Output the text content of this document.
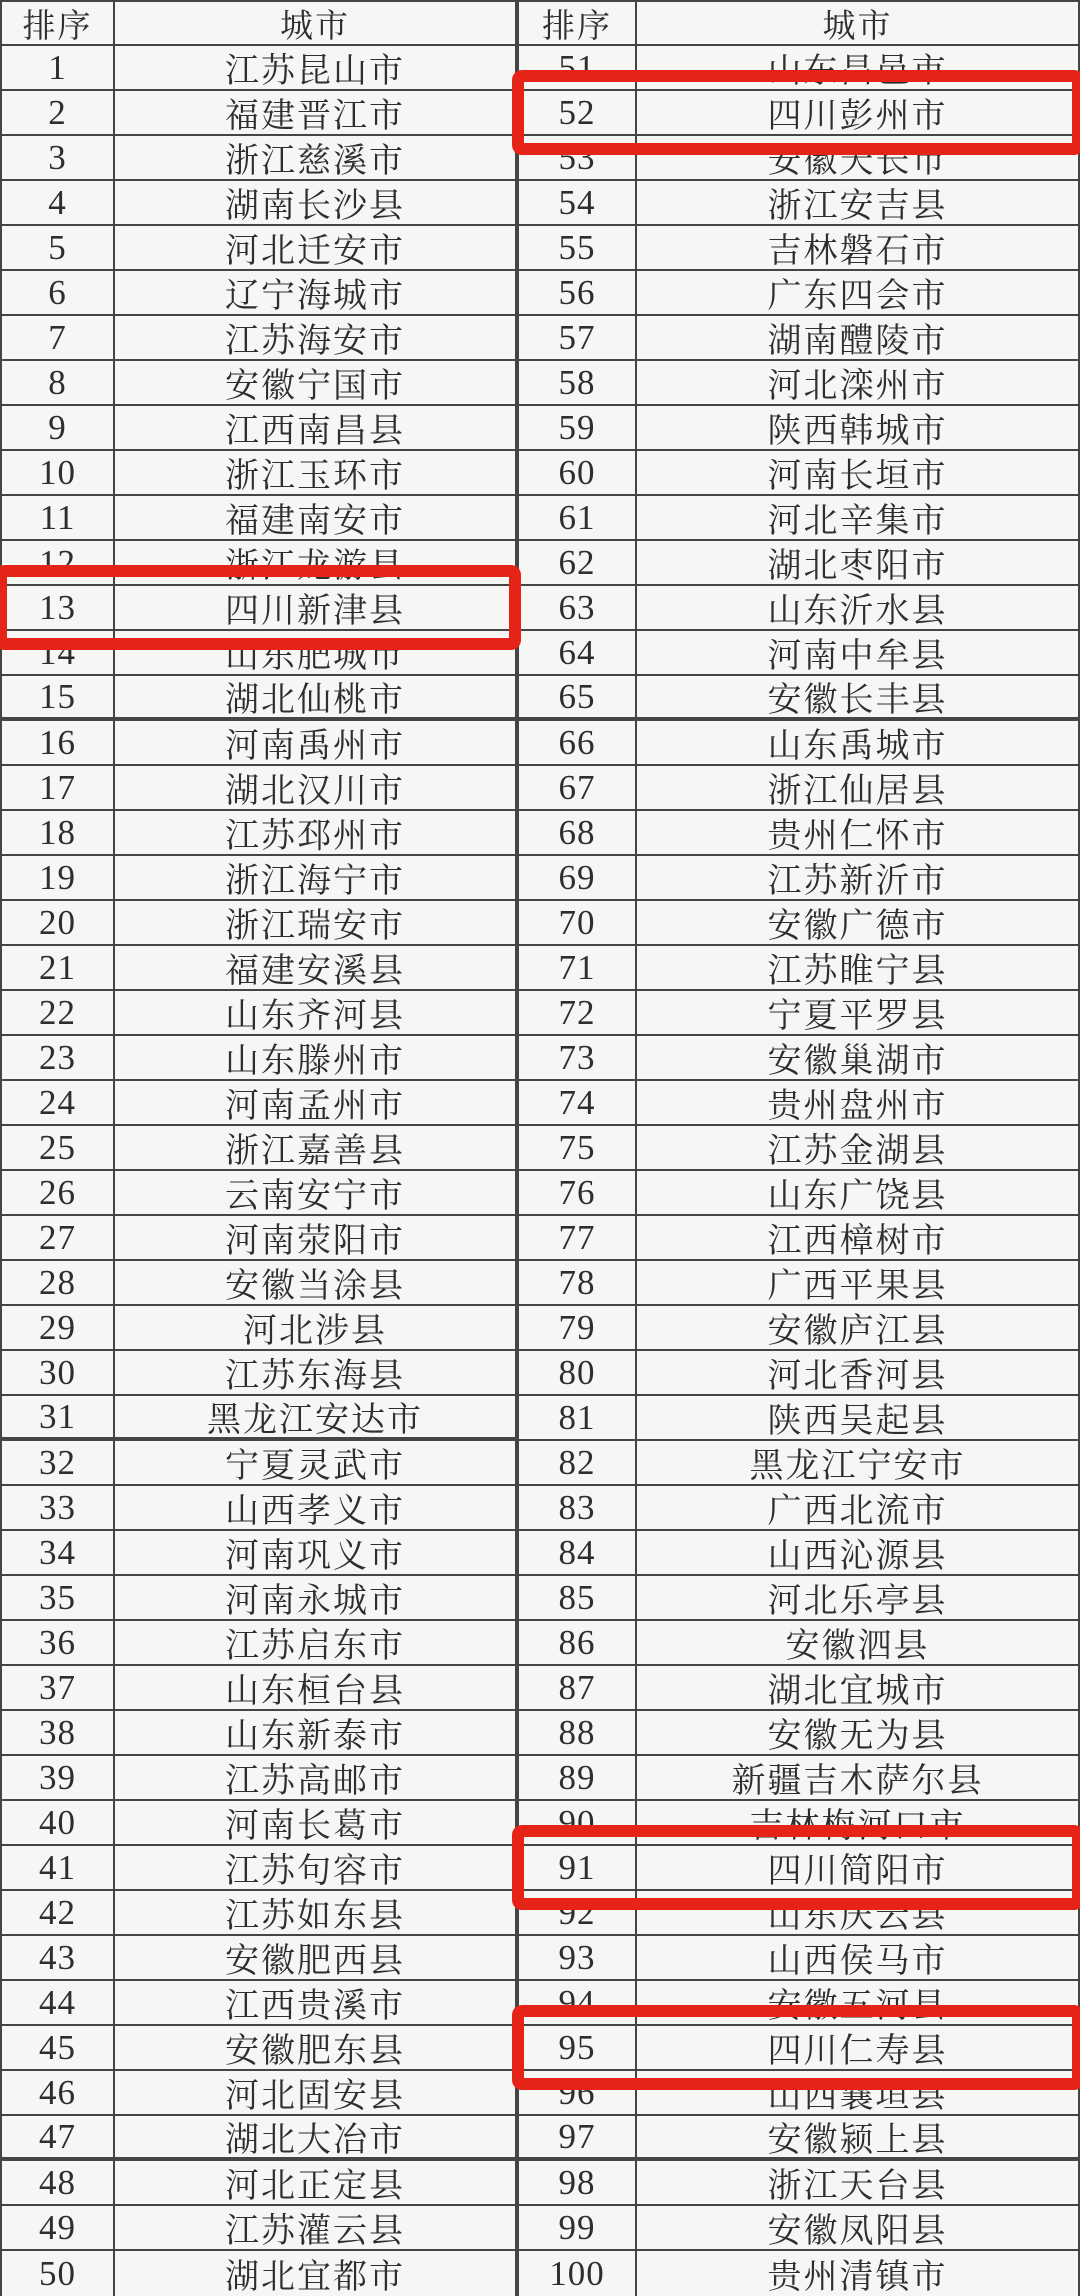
排序	城市
1	江苏昆山市
2	福建晋江市
3	浙江慈溪市
4	湖南长沙县
5	河北迁安市
6	辽宁海城市
7	江苏海安市
8	安徽宁国市
9	江西南昌县
10	浙江玉环市
11	福建南安市
12	浙江龙游县
13	四川新津县
14	山东肥城市
15	湖北仙桃市
16	河南禹州市
17	湖北汉川市
18	江苏邳州市
19	浙江海宁市
20	浙江瑞安市
21	福建安溪县
22	山东齐河县
23	山东滕州市
24	河南孟州市
25	浙江嘉善县
26	云南安宁市
27	河南荥阳市
28	安徽当涂县
29	河北涉县
30	江苏东海县
31	黑龙江安达市
32	宁夏灵武市
33	山西孝义市
34	河南巩义市
35	河南永城市
36	江苏启东市
37	山东桓台县
38	山东新泰市
39	江苏高邮市
40	河南长葛市
41	江苏句容市
42	江苏如东县
43	安徽肥西县
44	江西贵溪市
45	安徽肥东县
46	河北固安县
47	湖北大冶市
48	河北正定县
49	江苏灌云县
50	湖北宜都市
排序	城市
51	山东昌邑市
52	四川彭州市
53	安徽天长市
54	浙江安吉县
55	吉林磐石市
56	广东四会市
57	湖南醴陵市
58	河北滦州市
59	陕西韩城市
60	河南长垣市
61	河北辛集市
62	湖北枣阳市
63	山东沂水县
64	河南中牟县
65	安徽长丰县
66	山东禹城市
67	浙江仙居县
68	贵州仁怀市
69	江苏新沂市
70	安徽广德市
71	江苏睢宁县
72	宁夏平罗县
73	安徽巢湖市
74	贵州盘州市
75	江苏金湖县
76	山东广饶县
77	江西樟树市
78	广西平果县
79	安徽庐江县
80	河北香河县
81	陕西吴起县
82	黑龙江宁安市
83	广西北流市
84	山西沁源县
85	河北乐亭县
86	安徽泗县
87	湖北宜城市
88	安徽无为县
89	新疆吉木萨尔县
90	吉林梅河口市
91	四川简阳市
92	山东庆云县
93	山西侯马市
94	安徽五河县
95	四川仁寿县
96	山西襄垣县
97	安徽颍上县
98	浙江天台县
99	安徽凤阳县
100	贵州清镇市
